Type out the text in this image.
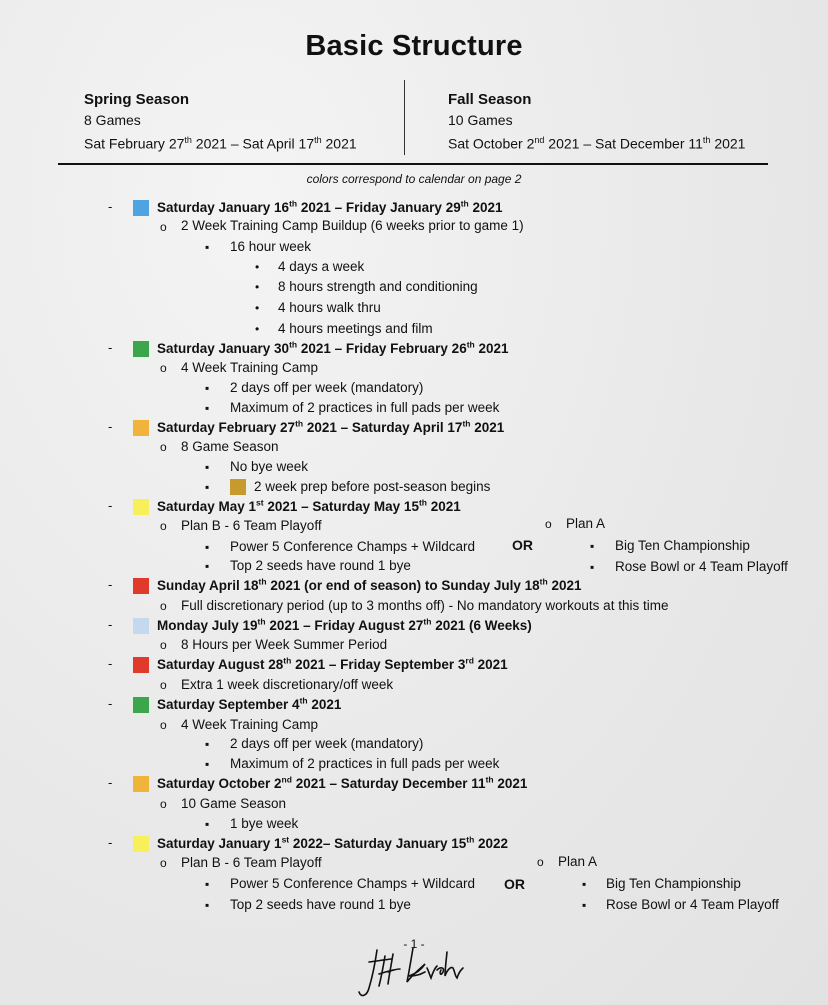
Basic Structure
Spring Season
8 Games
Sat February 27th 2021 – Sat April 17th 2021
Fall Season
10 Games
Sat October 2nd 2021 – Sat December 11th 2021
colors correspond to calendar on page 2
-	Saturday January 16th 2021 – Friday January 29th 2021
o 2 Week Training Camp Buildup (6 weeks prior to game 1)
▪ 16 hour week
• 4 days a week
• 8 hours strength and conditioning
• 4 hours walk thru
• 4 hours meetings and film
-	Saturday January 30th 2021 – Friday February 26th 2021
o 4 Week Training Camp
▪ 2 days off per week (mandatory)
▪ Maximum of 2 practices in full pads per week
-	Saturday February 27th 2021 – Saturday April 17th 2021
o 8 Game Season
▪ No bye week
▪	2 week prep before post-season begins
-	Saturday May 1st 2021 – Saturday May 15th 2021
o Plan B - 6 Team Playoff	o Plan A
▪ Power 5 Conference Champs + Wildcard	OR	▪ Big Ten Championship
▪ Top 2 seeds have round 1 bye	▪ Rose Bowl or 4 Team Playoff
-	Sunday April 18th 2021 (or end of season) to Sunday July 18th 2021
o Full discretionary period (up to 3 months off) - No mandatory workouts at this time
-	Monday July 19th 2021 – Friday August 27th 2021 (6 Weeks)
o 8 Hours per Week Summer Period
-	Saturday August 28th 2021 – Friday September 3rd 2021
o Extra 1 week discretionary/off week
-	Saturday September 4th 2021
o 4 Week Training Camp
▪ 2 days off per week (mandatory)
▪ Maximum of 2 practices in full pads per week
-	Saturday October 2nd 2021 – Saturday December 11th 2021
o 10 Game Season
▪ 1 bye week
-	Saturday January 1st 2022– Saturday January 15th 2022
o Plan B - 6 Team Playoff	o Plan A
▪ Power 5 Conference Champs + Wildcard OR	▪ Big Ten Championship
▪ Top 2 seeds have round 1 bye	▪ Rose Bowl or 4 Team Playoff
- 1 -
